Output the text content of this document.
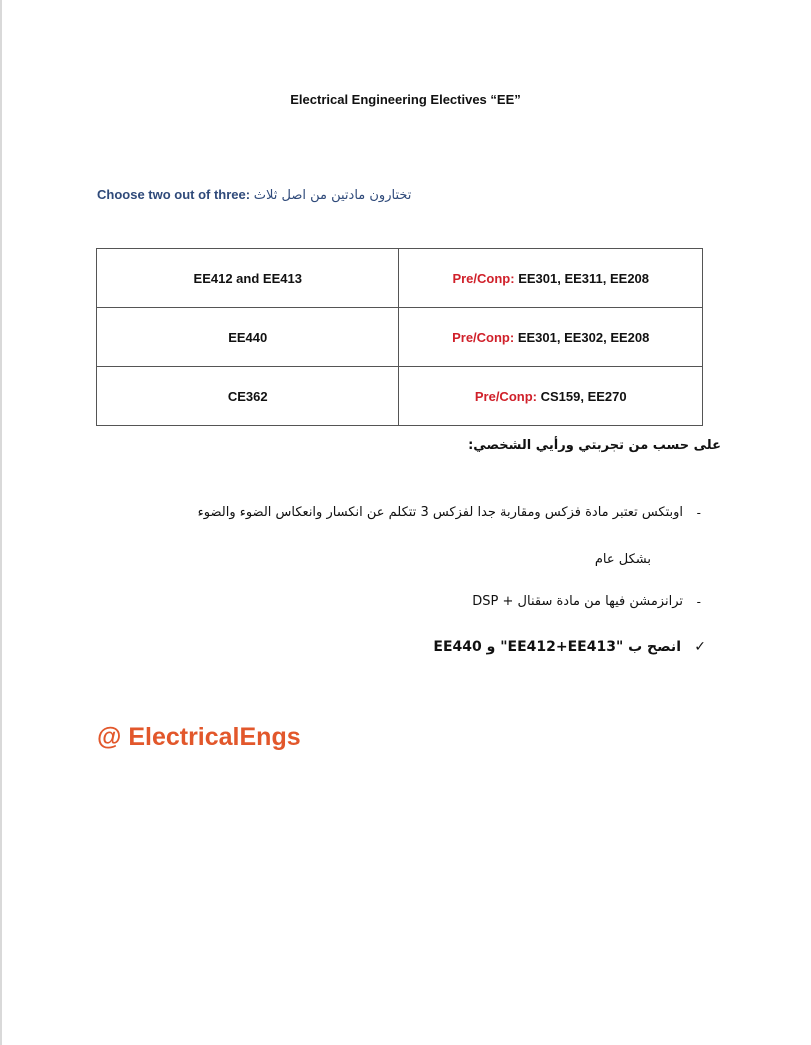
Electrical Engineering Electives “EE”
Choose two out of three: تختارون مادتين من اصل ثلاث
EE412 and EE413	Pre/Conp: EE301, EE311, EE208
EE440	Pre/Conp: EE301, EE302, EE208
CE362	Pre/Conp: CS159, EE270
على حسب من تجربتي ورأيي الشخصي:
-
اوبتكس تعتبر مادة فزكس ومقاربة جدا لفزكس 3 تتكلم عن انكسار وانعكاس الضوء والضوء
بشكل عام
-
ترانزمشن فيها من مادة سقنال + DSP
✓
انصح ب "EE412+EE413" و EE440
@ ElectricalEngs
